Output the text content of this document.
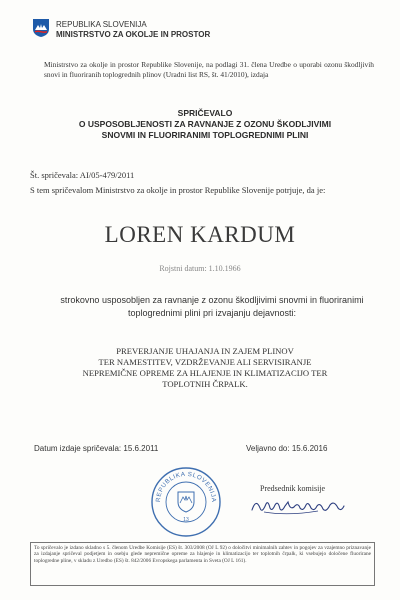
REPUBLIKA SLOVENIJA
MINISTRSTVO ZA OKOLJE IN PROSTOR
Ministrstvo za okolje in prostor Republike Slovenije, na podlagi 31. člena Uredbe o uporabi ozonu škodljivih snovi in fluoriranih toplogrednih plinov (Uradni list RS, št. 41/2010), izdaja
SPRIČEVALO
O USPOSOBLJENOSTI ZA RAVNANJE Z OZONU ŠKODLJIVIMI
SNOVMI IN FLUORIRANIMI TOPLOGREDNIMI PLINI
Št. spričevala: AI/05-479/2011
S tem spričevalom Ministrstvo za okolje in prostor Republike Slovenije potrjuje, da je:
LOREN KARDUM
Rojstni datum: 1.10.1966
strokovno usposobljen za ravnanje z ozonu škodljivimi snovmi in fluoriranimi toplogrednimi plini pri izvajanju dejavnosti:
PREVERJANJE UHAJANJA IN ZAJEM PLINOV
TER NAMESTITEV, VZDRŽEVANJE ALI SERVISIRANJE
NEPREMIČNE OPREME ZA HLAJENJE IN KLIMATIZACIJO TER
TOPLOTNIH ČRPALK.
Datum izdaje spričevala: 15.6.2011	Veljavno do: 15.6.2016
REPUBLIKA SLOVENIJA
13
Predsednik komisije
To spričevalo je izdano skladno s 5. členom Uredbe Komisije (ES) št. 303/2008 (OJ L 92) o določitvi minimalnih zahtev in pogojev za vzajemno priznavanje za izdajanje spričeval podjetjem in osebju glede nepremične opreme za hlajenje in klimatizacijo ter toplotnih črpalk, ki vsebujejo določene fluorirane toplogredne pline, v skladu z Uredbo (ES) št. 842/2006 Evropskega parlamenta in Sveta (OJ L 161).
